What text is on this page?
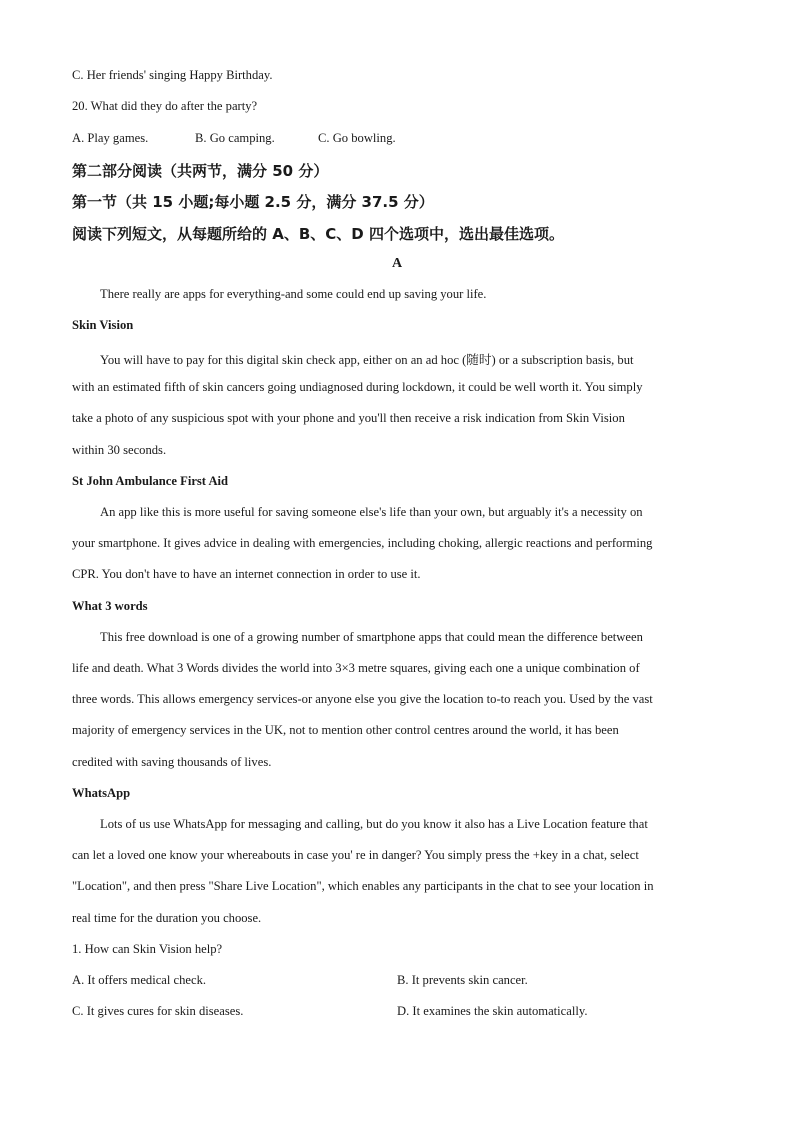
C. Her friends' singing Happy Birthday.
20. What did they do after the party?
A. Play games.	B. Go camping.	C. Go bowling.
第二部分阅读（共两节，满分 50 分）
第一节（共 15 小题;每小题 2.5 分，满分 37.5 分）
阅读下列短文，从每题所给的 A、B、C、D 四个选项中，选出最佳选项。
A
There really are apps for everything-and some could end up saving your life.
Skin Vision
You will have to pay for this digital skin check app, either on an ad hoc (随时) or a subscription basis, but
with an estimated fifth of skin cancers going undiagnosed during lockdown, it could be well worth it. You simply
take a photo of any suspicious spot with your phone and you'll then receive a risk indication from Skin Vision
within 30 seconds.
St John Ambulance First Aid
An app like this is more useful for saving someone else's life than your own, but arguably it's a necessity on
your smartphone. It gives advice in dealing with emergencies, including choking, allergic reactions and performing
CPR. You don't have to have an internet connection in order to use it.
What 3 words
This free download is one of a growing number of smartphone apps that could mean the difference between
life and death. What 3 Words divides the world into 3×3 metre squares, giving each one a unique combination of
three words. This allows emergency services-or anyone else you give the location to-to reach you. Used by the vast
majority of emergency services in the UK, not to mention other control centres around the world, it has been
credited with saving thousands of lives.
WhatsApp
Lots of us use WhatsApp for messaging and calling, but do you know it also has a Live Location feature that
can let a loved one know your whereabouts in case you' re in danger? You simply press the +key in a chat, select
"Location", and then press "Share Live Location", which enables any participants in the chat to see your location in
real time for the duration you choose.
1. How can Skin Vision help?
A. It offers medical check.	B. It prevents skin cancer.
C. It gives cures for skin diseases.	D. It examines the skin automatically.
